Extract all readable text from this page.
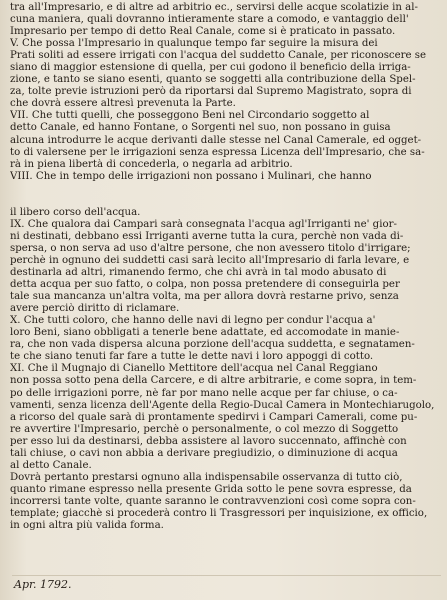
tra all'Impresario, e di altre ad arbitrio ec., servirsi delle acque scolatizie in al-
cuna maniera, quali dovranno intieramente stare a comodo, e vantaggio dell'
Impresario per tempo di detto Real Canale, come si è praticato in passato.
V. Che possa l'Impresario in qualunque tempo far seguire la misura dei
Prati soliti ad essere irrigati con l'acqua del suddetto Canale, per riconoscere se
siano di maggior estensione di quella, per cui godono il beneficio della irriga-
zione, e tanto se siano esenti, quanto se soggetti alla contribuzione della Spel-
za, tolte previe istruzioni però da riportarsi dal Supremo Magistrato, sopra di
che dovrà essere altresì prevenuta la Parte.
VII. Che tutti quelli, che posseggono Beni nel Circondario soggetto al
detto Canale, ed hanno Fontane, o Sorgenti nel suo, non possano in guisa
alcuna introdurre le acque derivanti dalle stesse nel Canal Camerale, ed ogget-
to di valersene per le irrigazioni senza espressa Licenza dell'Impresario, che sa-
rà in piena libertà di concederla, o negarla ad arbitrio.
VIII. Che in tempo delle irrigazioni non possano i Mulinari, che hanno
il libero corso dell'acqua.
IX. Che qualora dai Campari sarà consegnata l'acqua agl'Irriganti ne' gior-
ni destinati, debbano essi Irriganti averne tutta la cura, perchè non vada di-
spersa, o non serva ad uso d'altre persone, che non avessero titolo d'irrigare;
perchè in ognuno dei suddetti casi sarà lecito all'Impresario di farla levare, e
destinarla ad altri, rimanendo fermo, che chi avrà in tal modo abusato di
detta acqua per suo fatto, o colpa, non possa pretendere di conseguirla per
tale sua mancanza un'altra volta, ma per allora dovrà restarne privo, senza
avere perciò diritto di riclamare.
X. Che tutti coloro, che hanno delle navi di legno per condur l'acqua a'
loro Beni, siano obbligati a tenerle bene adattate, ed accomodate in manie-
ra, che non vada dispersa alcuna porzione dell'acqua suddetta, e segnatamen-
te che siano tenuti far fare a tutte le dette navi i loro appoggi di cotto.
XI. Che il Mugnajo di Cianello Mettitore dell'acqua nel Canal Reggiano
non possa sotto pena della Carcere, e di altre arbitrarie, e come sopra, in tem-
po delle irrigazioni porre, nè far por mano nelle acque per far chiuse, o ca-
vamenti, senza licenza dell'Agente della Regio-Ducal Camera in Montechiarugolo,
a ricorso del quale sarà di prontamente spedirvi i Campari Camerali, come pu-
re avvertire l'Impresario, perchè o personalmente, o col mezzo di Soggetto
per esso lui da destinarsi, debba assistere al lavoro succennato, affinchè con
tali chiuse, o cavi non abbia a derivare pregiudizio, o diminuzione di acqua
al detto Canale.
Dovrà pertanto prestarsi ognuno alla indispensabile osservanza di tutto ciò,
quanto rimane espresso nella presente Grida sotto le pene sovra espresse, da
incorrersi tante volte, quante saranno le contravvenzioni così come sopra con-
template; giacchè si procederà contro li Trasgressori per inquisizione, ex officio,
in ogni altra più valida forma.
Apr. 1792.
